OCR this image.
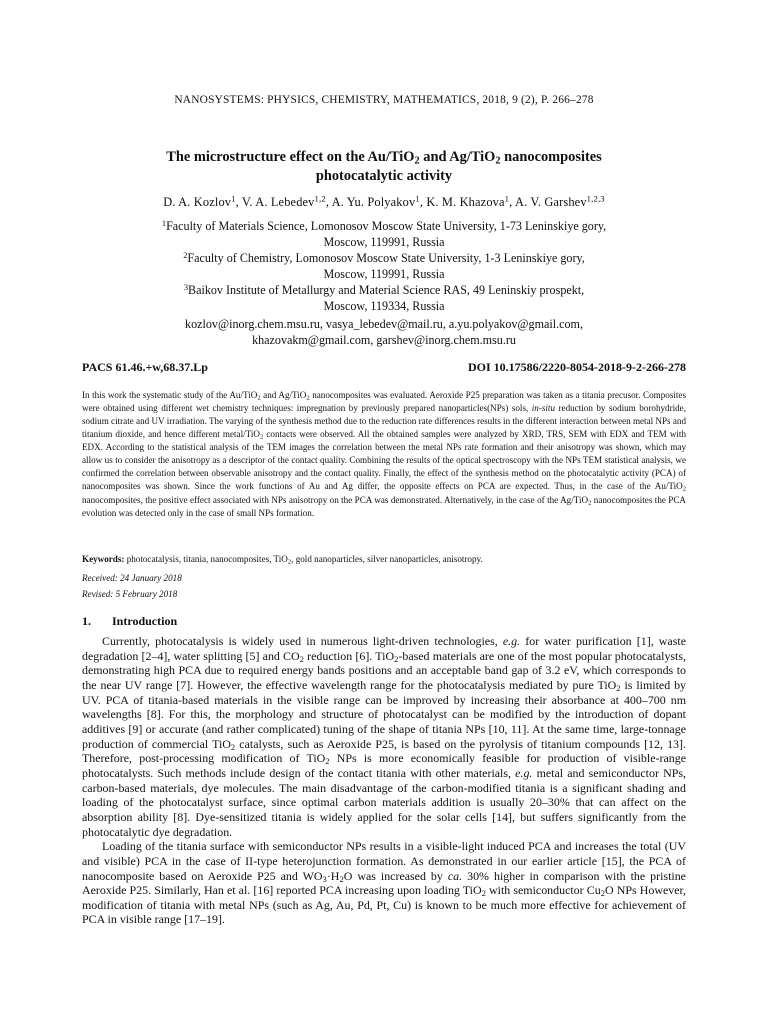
NANOSYSTEMS: PHYSICS, CHEMISTRY, MATHEMATICS, 2018, 9 (2), P. 266–278
The microstructure effect on the Au/TiO$_2$ and Ag/TiO$_2$ nanocomposites
photocatalytic activity
D. A. Kozlov$^1$, V. A. Lebedev$^{1,2}$, A. Yu. Polyakov$^1$, K. M. Khazova$^1$, A. V. Garshev$^{1,2,3}$
$^1$Faculty of Materials Science, Lomonosov Moscow State University, 1-73 Leninskiye gory,
Moscow, 119991, Russia
$^2$Faculty of Chemistry, Lomonosov Moscow State University, 1-3 Leninskiye gory,
Moscow, 119991, Russia
$^3$Baikov Institute of Metallurgy and Material Science RAS, 49 Leninskiy prospekt,
Moscow, 119334, Russia
kozlov@inorg.chem.msu.ru, vasya_lebedev@mail.ru, a.yu.polyakov@gmail.com,
khazovakm@gmail.com, garshev@inorg.chem.msu.ru
PACS 61.46.+w,68.37.Lp	DOI 10.17586/2220-8054-2018-9-2-266-278

In this work the systematic study of the Au/TiO$_2$ and Ag/TiO$_2$ nanocomposites was evaluated. Aeroxide P25 preparation was taken as a titania precusor. Composites were obtained using different wet chemistry techniques: impregnation by previously prepared nanoparticles(NPs) sols, in-situ reduction by sodium borohydride, sodium citrate and UV irradiation. The varying of the synthesis method due to the reduction rate differences results in the different interaction between metal NPs and titanium dioxide, and hence different metal/TiO$_2$ contacts were observed. All the obtained samples were analyzed by XRD, TRS, SEM with EDX and TEM with EDX. According to the statistical analysis of the TEM images the correlation between the metal NPs rate formation and their anisotropy was shown, which may allow us to consider the anisotropy as a descriptor of the contact quality. Combining the results of the optical spectroscopy with the NPs TEM statistical analysis, we confirmed the correlation between observable anisotropy and the contact quality. Finally, the effect of the synthesis method on the photocatalytic activity (PCA) of nanocomposites was shown. Since the work functions of Au and Ag differ, the opposite effects on PCA are expected. Thus, in the case of the Au/TiO$_2$ nanocomposites, the positive effect associated with NPs anisotropy on the PCA was demonstrated. Alternatively, in the case of the Ag/TiO$_2$ nanocomposites the PCA evolution was detected only in the case of small NPs formation.

Keywords: photocatalysis, titania, nanocomposites, TiO$_2$, gold nanoparticles, silver nanoparticles, anisotropy.
Received: 24 January 2018
Revised: 5 February 2018
1. Introduction

Currently, photocatalysis is widely used in numerous light-driven technologies, e.g. for water purification [1], waste degradation [2–4], water splitting [5] and $CO_2$ reduction [6]. TiO$_2$-based materials are one of the most popular photocatalysts, demonstrating high PCA due to required energy bands positions and an acceptable band gap of 3.2 eV, which corresponds to the near UV range [7]. However, the effective wavelength range for the photocatalysis mediated by pure TiO$_2$ is limited by UV. PCA of titania-based materials in the visible range can be improved by increasing their absorbance at 400–700 nm wavelengths [8]. For this, the morphology and structure of photocatalyst can be modified by the introduction of dopant additives [9] or accurate (and rather complicated) tuning of the shape of titania NPs [10, 11]. At the same time, large-tonnage production of commercial TiO$_2$ catalysts, such as Aeroxide P25, is based on the pyrolysis of titanium compounds [12, 13]. Therefore, post-processing modification of TiO$_2$ NPs is more economically feasible for production of visible-range photocatalysts. Such methods include design of the contact titania with other materials, e.g. metal and semiconductor NPs, carbon-based materials, dye molecules. The main disadvantage of the carbon-modified titania is a significant shading and loading of the photocatalyst surface, since optimal carbon materials addition is usually 20–30% that can affect on the absorption ability [8]. Dye-sensitized titania is widely applied for the solar cells [14], but suffers significantly from the photocatalytic dye degradation.

Loading of the titania surface with semiconductor NPs results in a visible-light induced PCA and increases the total (UV and visible) PCA in the case of II-type heterojunction formation. As demonstrated in our earlier article [15], the PCA of nanocomposite based on Aeroxide P25 and $WO_3\cdot H_2O$ was increased by ca. 30% higher in comparison with the pristine Aeroxide P25. Similarly, Han et al. [16] reported PCA increasing upon loading TiO$_2$ with semiconductor $Cu_2O$ NPs However, modification of titania with metal NPs (such as Ag, Au, Pd, Pt, Cu) is known to be much more effective for achievement of PCA in visible range [17–19].
